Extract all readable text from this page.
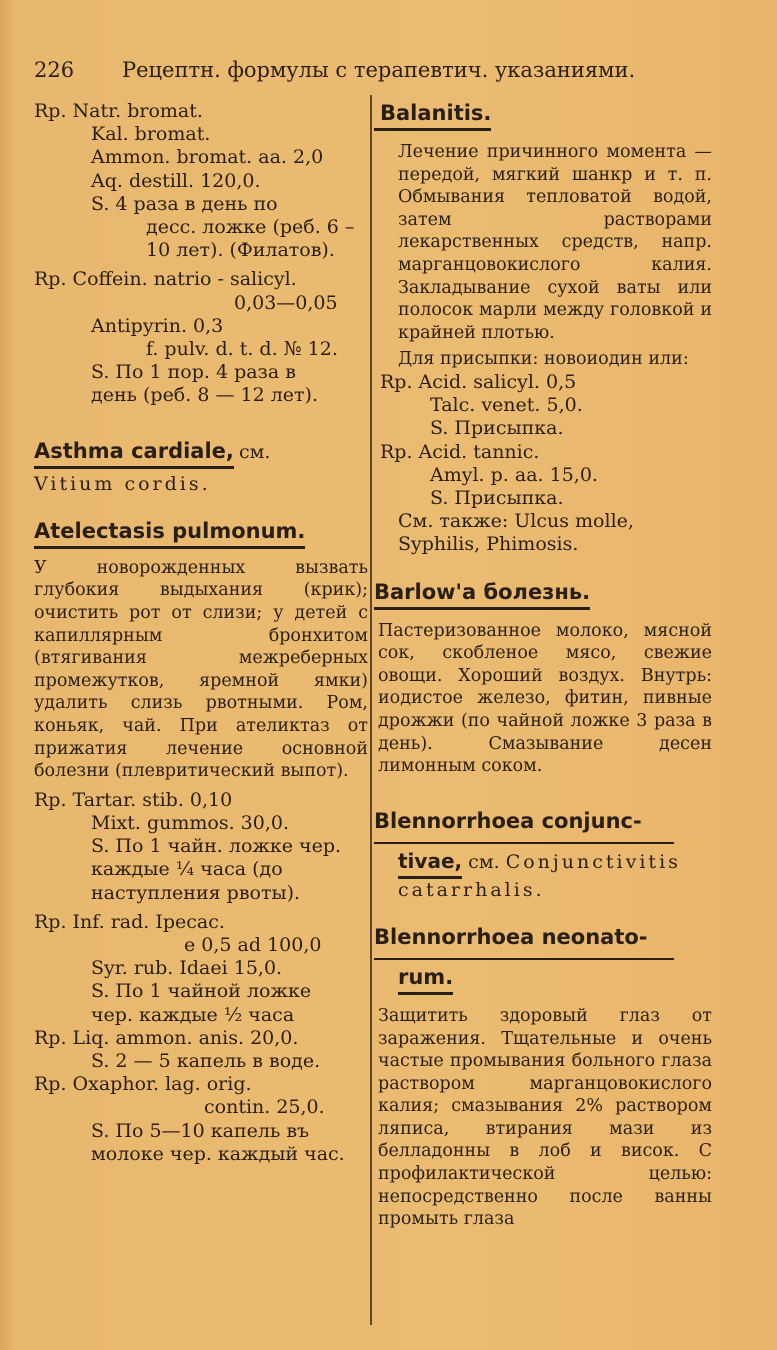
226 Рецептн. формулы с терапевтич. указаниями.
Rp. Natr. bromat.
Kal. bromat.
Ammon. bromat. aa. 2,0
Aq. destill. 120,0.
S. 4 раза в день по
десс. ложке (реб. 6 –
10 лет). (Филатов).
Rp. Coffein. natrio - salicyl.
0,03—0,05
Antipyrin. 0,3
f. pulv. d. t. d. № 12.
S. По 1 пор. 4 раза в
день (реб. 8 — 12 лет).
Asthma cardiale, см.
Vitium cordis.
Atelectasis pulmonum.
У новорожденных вызвать глубокия выдыхания (крик); очистить рот от слизи; у детей с капиллярным бронхитом (втягивания межреберных промежутков, яремной ямки) удалить слизь рвотными. Ром, коньяк, чай. При ателиктаз от прижатия лечение основной болезни (плевритический выпот).
Rp. Tartar. stib. 0,10
Mixt. gummos. 30,0.
S. По 1 чайн. ложке чер.
каждые ¼ часа (до наступления рвоты).
Rp. Inf. rad. Ipecac.
e 0,5 ad 100,0
Syr. rub. Idaei 15,0.
S. По 1 чайной ложке
чер. каждые ½ часа
Rp. Liq. ammon. anis. 20,0.
S. 2 — 5 капель в воде.
Rp. Oxaphor. lag. orig.
contin. 25,0.
S. По 5—10 капель въ молоке чер. каждый час.
Balanitis.
Лечение причинного момента —передой, мягкий шанкр и т. п. Обмывания тепловатой водой, затем растворами лекарственных средств, напр. марганцовокислого калия. Закладывание сухой ваты или полосок марли между головкой и крайней плотью.
Для присыпки: новоиодин или:
Rp. Acid. salicyl. 0,5
Talc. venet. 5,0.
S. Присыпка.
Rp. Acid. tannic.
Amyl. p. aa. 15,0.
S. Присыпка.
См. также: Ulcus molle, Syphilis, Phimosis.
Barlow'a болезнь.
Пастеризованное молоко, мясной сок, скобленое мясо, свежие овощи. Хороший воздух. Внутрь: иодистое железо, фитин, пивные дрожжи (по чайной ложке 3 раза в день). Смазывание десен лимонным соком.
Blennorrhoea conjunc-
tivae, см. Conjunctivitis catarrhalis.
Blennorrhoea neonato-
rum.
Защитить здоровый глаз от заражения. Тщательные и очень частые промывания больного глаза раствором марганцовокислого калия; смазывания 2% раствором ляписа, втирания мази из белладонны в лоб и висок. С профилактической целью: непосредственно после ванны промыть глаза
